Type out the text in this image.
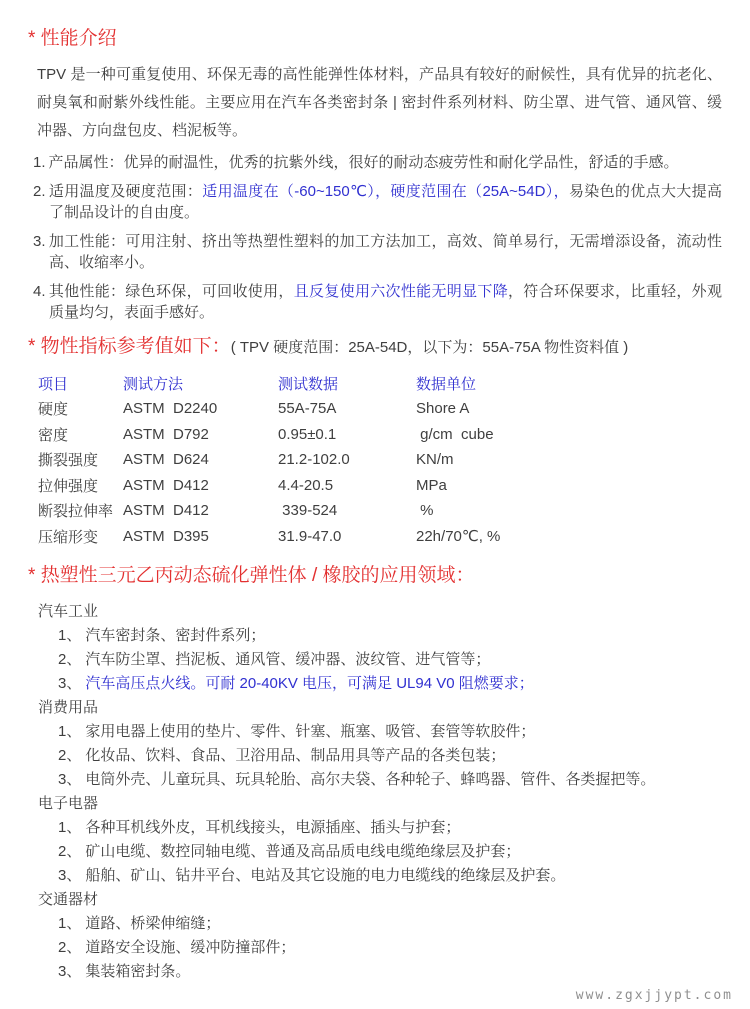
* 性能介绍

TPV 是一种可重复使用、环保无毒的高性能弹性体材料，产品具有较好的耐候性，具有优异的抗老化、耐臭氧和耐紫外线性能。主要应用在汽车各类密封条 | 密封件系列材料、防尘罩、进气管、通风管、缓冲器、方向盘包皮、档泥板等。

1. 产品属性：优异的耐温性，优秀的抗紫外线，很好的耐动态疲劳性和耐化学品性，舒适的手感。
2. 适用温度及硬度范围：适用温度在（-60~150℃），硬度范围在（25A~54D），易染色的优点大大提高了制品设计的自由度。
3. 加工性能：可用注射、挤出等热塑性塑料的加工方法加工，高效、简单易行，无需增添设备，流动性高、收缩率小。
4. 其他性能：绿色环保，可回收使用，且反复使用六次性能无明显下降，符合环保要求，比重轻，外观质量均匀，表面手感好。
* 物性指标参考值如下：( TPV 硬度范围：25A-54D，以下为：55A-75A 物性资料值 )
项目	测试方法	测试数据	数据单位
硬度	ASTM  D2240	55A-75A	Shore A
密度	ASTM  D792	0.95±0.1	g/cm  cube
撕裂强度	ASTM  D624	21.2-102.0	KN/m
拉伸强度	ASTM  D412	4.4-20.5	MPa
断裂拉伸率	ASTM  D412	339-524	%
压缩形变	ASTM  D395	31.9-47.0	22h/70℃, %
* 热塑性三元乙丙动态硫化弹性体 / 橡胶的应用领域：
汽车工业
1、 汽车密封条、密封件系列；
2、 汽车防尘罩、挡泥板、通风管、缓冲器、波纹管、进气管等；
3、 汽车高压点火线。可耐 20-40KV 电压，可满足 UL94 V0 阻燃要求；
消费用品
1、 家用电器上使用的垫片、零件、针塞、瓶塞、吸管、套管等软胶件；
2、 化妆品、饮料、食品、卫浴用品、制品用具等产品的各类包装；
3、 电筒外壳、儿童玩具、玩具轮胎、高尔夫袋、各种轮子、蜂鸣器、管件、各类握把等。
电子电器
1、 各种耳机线外皮，耳机线接头，电源插座、插头与护套；
2、 矿山电缆、数控同轴电缆、普通及高品质电线电缆绝缘层及护套；
3、 船舶、矿山、钻井平台、电站及其它设施的电力电缆线的绝缘层及护套。
交通器材
1、 道路、桥梁伸缩缝；
2、 道路安全设施、缓冲防撞部件；
3、 集装箱密封条。
www.zgxjjypt.com
